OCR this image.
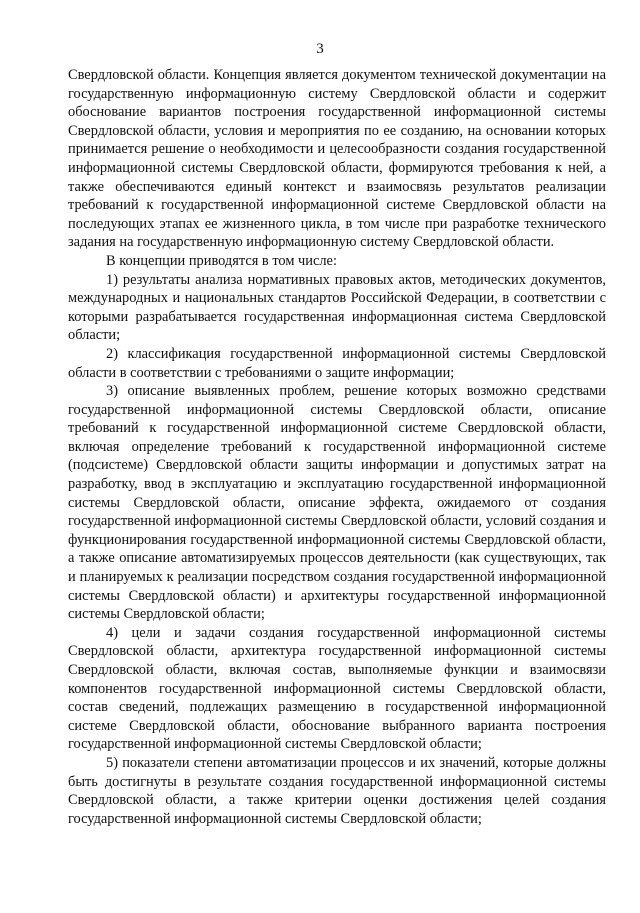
3

Свердловской области. Концепция является документом технической документации на государственную информационную систему Свердловской области и содержит обоснование вариантов построения государственной информационной системы Свердловской области, условия и мероприятия по ее созданию, на основании которых принимается решение о необходимости и целесообразности создания государственной информационной системы Свердловской области, формируются требования к ней, а также обеспечиваются единый контекст и взаимосвязь результатов реализации требований к государственной информационной системе Свердловской области на последующих этапах ее жизненного цикла, в том числе при разработке технического задания на государственную информационную систему Свердловской области.

В концепции приводятся в том числе:

1) результаты анализа нормативных правовых актов, методических документов, международных и национальных стандартов Российской Федерации, в соответствии с которыми разрабатывается государственная информационная система Свердловской области;

2) классификация государственной информационной системы Свердловской области в соответствии с требованиями о защите информации;

3) описание выявленных проблем, решение которых возможно средствами государственной информационной системы Свердловской области, описание требований к государственной информационной системе Свердловской области, включая определение требований к государственной информационной системе (подсистеме) Свердловской области защиты информации и допустимых затрат на разработку, ввод в эксплуатацию и эксплуатацию государственной информационной системы Свердловской области, описание эффекта, ожидаемого от создания государственной информационной системы Свердловской области, условий создания и функционирования государственной информационной системы Свердловской области, а также описание автоматизируемых процессов деятельности (как существующих, так и планируемых к реализации посредством создания государственной информационной системы Свердловской области) и архитектуры государственной информационной системы Свердловской области;

4) цели и задачи создания государственной информационной системы Свердловской области, архитектура государственной информационной системы Свердловской области, включая состав, выполняемые функции и взаимосвязи компонентов государственной информационной системы Свердловской области, состав сведений, подлежащих размещению в государственной информационной системе Свердловской области, обоснование выбранного варианта построения государственной информационной системы Свердловской области;

5) показатели степени автоматизации процессов и их значений, которые должны быть достигнуты в результате создания государственной информационной системы Свердловской области, а также критерии оценки достижения целей создания государственной информационной системы Свердловской области;
